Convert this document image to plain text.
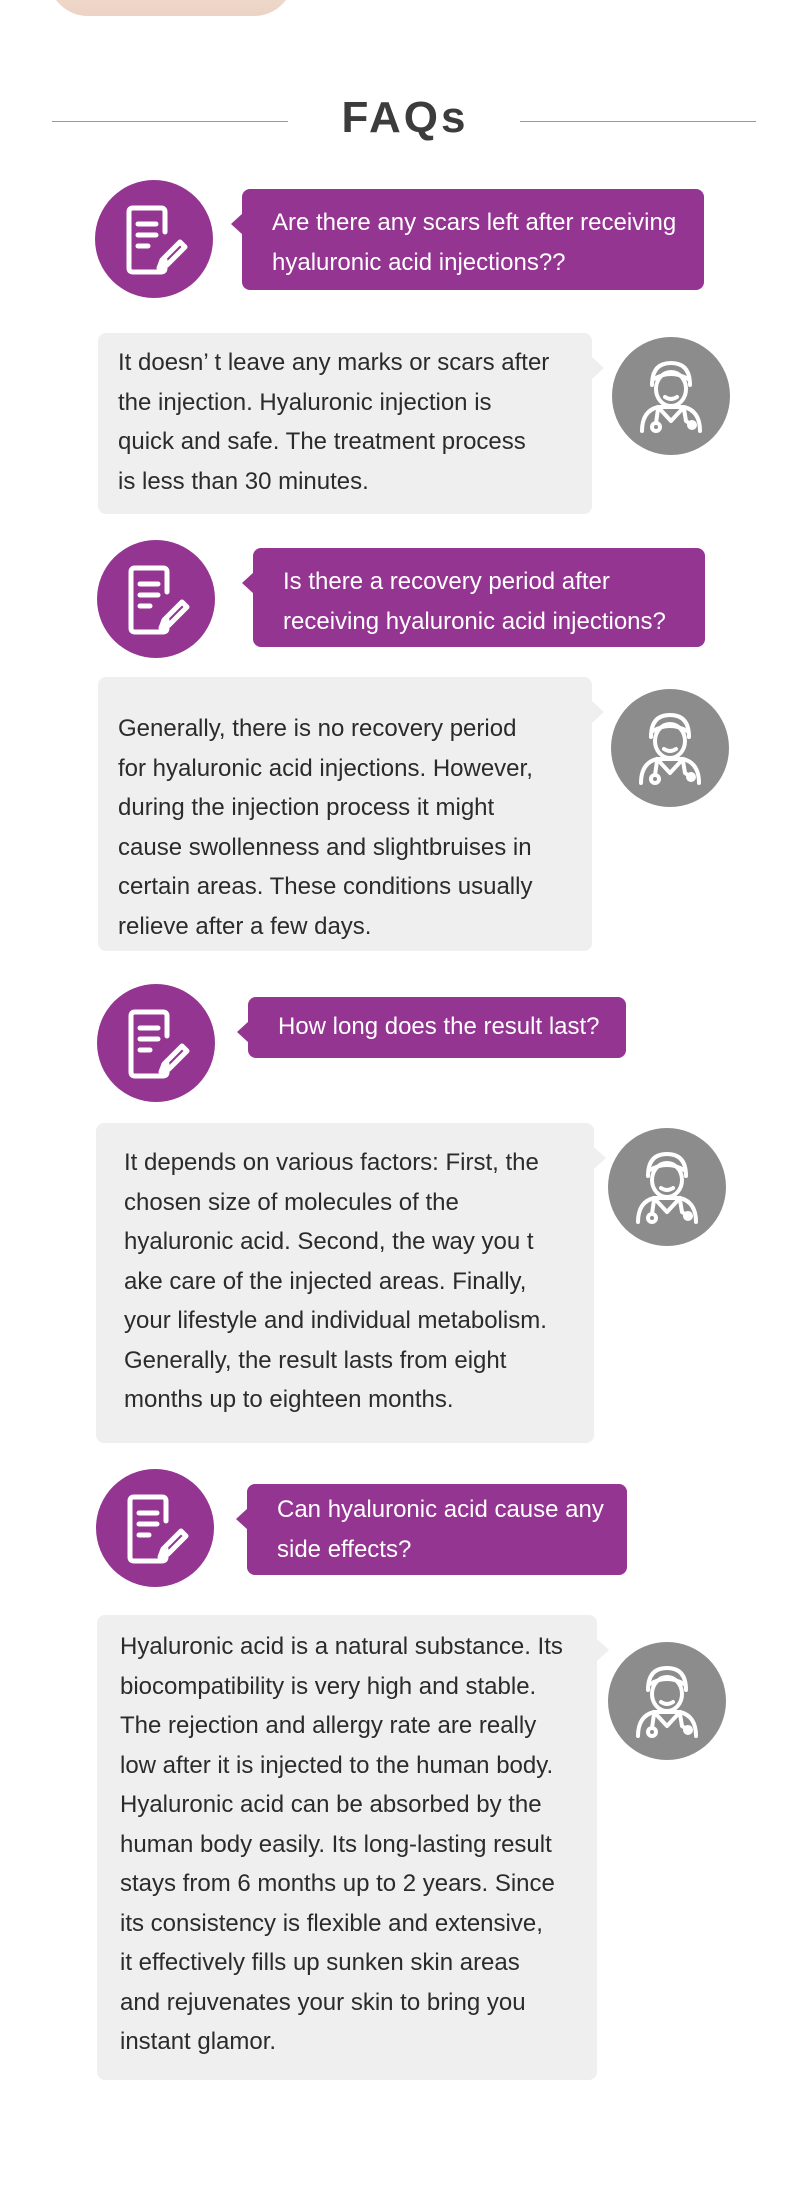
FAQs
Are there any scars left after receiving
hyaluronic acid injections??
It doesn’ t leave any marks or scars after
the injection. Hyaluronic injection is
quick and safe. The treatment process
is less than 30 minutes.
Is there a recovery period after
receiving hyaluronic acid injections?
Generally, there is no recovery period
for hyaluronic acid injections. However,
during the injection process it might
cause swollenness and slightbruises in
certain areas. These conditions usually
relieve after a few days.
How long does the result last?
It depends on various factors: First, the
chosen size of molecules of the
hyaluronic acid. Second, the way you t
ake care of the injected areas. Finally,
your lifestyle and individual metabolism.
Generally, the result lasts from eight
months up to eighteen months.
Can hyaluronic acid cause any
side effects?
Hyaluronic acid is a natural substance. Its
biocompatibility is very high and stable.
The rejection and allergy rate are really
low after it is injected to the human body.
Hyaluronic acid can be absorbed by the
human body easily. Its long-lasting result
stays from 6 months up to 2 years. Since
its consistency is flexible and extensive,
it effectively fills up sunken skin areas
and rejuvenates your skin to bring you
instant glamor.
